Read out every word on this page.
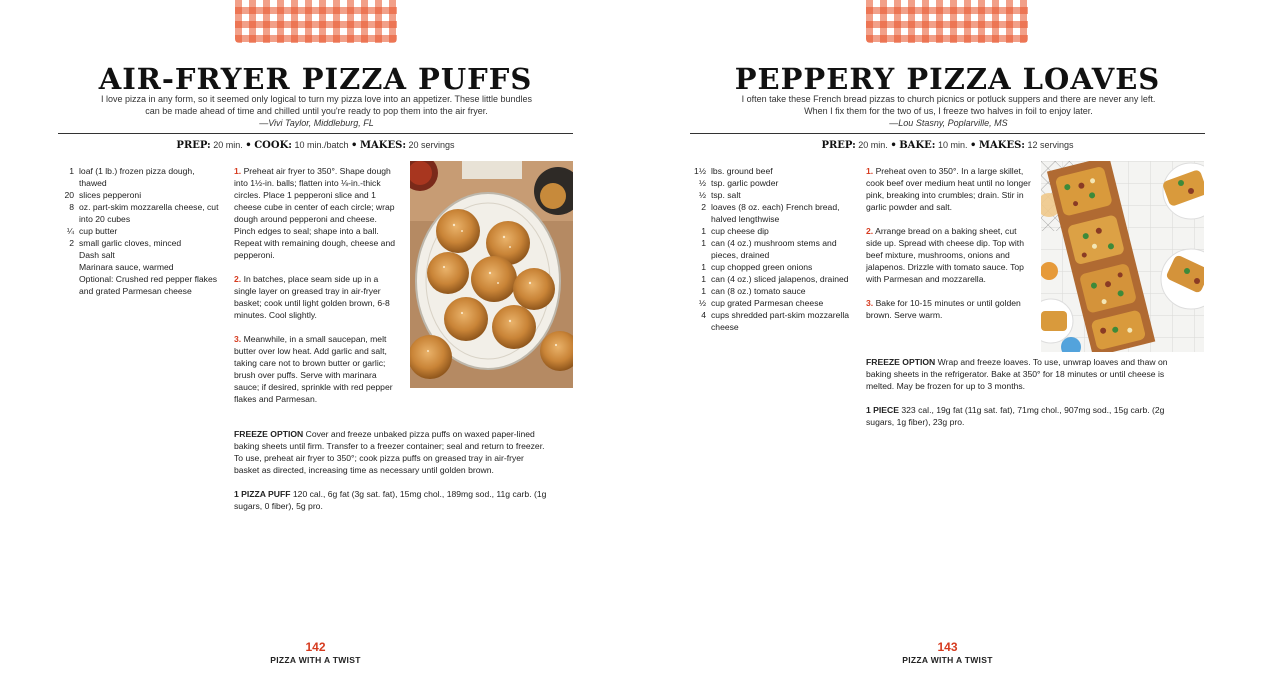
AIR-FRYER PIZZA PUFFS
I love pizza in any form, so it seemed only logical to turn my pizza love into an appetizer. These little bundles
can be made ahead of time and chilled until you're ready to pop them into the air fryer.
—Vivi Taylor, Middleburg, FL
PREP: 20 min. • COOK: 10 min./batch • MAKES: 20 servings
1 loaf (1 lb.) frozen pizza dough, thawed
20 slices pepperoni
8 oz. part-skim mozzarella cheese, cut into 20 cubes
¼ cup butter
2 small garlic cloves, minced
Dash salt
Marinara sauce, warmed
Optional: Crushed red pepper flakes and grated Parmesan cheese

1. Preheat air fryer to 350°. Shape dough into 1½-in. balls; flatten into ⅛-in.-thick circles. Place 1 pepperoni slice and 1 cheese cube in center of each circle; wrap dough around pepperoni and cheese. Pinch edges to seal; shape into a ball. Repeat with remaining dough, cheese and pepperoni.

2. In batches, place seam side up in a single layer on greased tray in air-fryer basket; cook until light golden brown, 6-8 minutes. Cool slightly.

3. Meanwhile, in a small saucepan, melt butter over low heat. Add garlic and salt, taking care not to brown butter or garlic; brush over puffs. Serve with marinara sauce; if desired, sprinkle with red pepper flakes and Parmesan.

FREEZE OPTION Cover and freeze unbaked pizza puffs on waxed paper-lined baking sheets until firm. Transfer to a freezer container; seal and return to freezer. To use, preheat air fryer to 350°; cook pizza puffs on greased tray in air-fryer basket as directed, increasing time as necessary until golden brown.

1 PIZZA PUFF 120 cal., 6g fat (3g sat. fat), 15mg chol., 189mg sod., 11g carb. (1g sugars, 0 fiber), 5g pro.

142
PIZZA WITH A TWIST
PEPPERY PIZZA LOAVES
I often take these French bread pizzas to church picnics or potluck suppers and there are never any left.
When I fix them for the two of us, I freeze two halves in foil to enjoy later.
—Lou Stasny, Poplarville, MS
PREP: 20 min. • BAKE: 10 min. • MAKES: 12 servings
1½ lbs. ground beef
½ tsp. garlic powder
½ tsp. salt
2 loaves (8 oz. each) French bread, halved lengthwise
1 cup cheese dip
1 can (4 oz.) mushroom stems and pieces, drained
1 cup chopped green onions
1 can (4 oz.) sliced jalapenos, drained
1 can (8 oz.) tomato sauce
½ cup grated Parmesan cheese
4 cups shredded part-skim mozzarella cheese

1. Preheat oven to 350°. In a large skillet, cook beef over medium heat until no longer pink, breaking into crumbles; drain. Stir in garlic powder and salt.

2. Arrange bread on a baking sheet, cut side up. Spread with cheese dip. Top with beef mixture, mushrooms, onions and jalapenos. Drizzle with tomato sauce. Top with Parmesan and mozzarella.

3. Bake for 10-15 minutes or until golden brown. Serve warm.

FREEZE OPTION Wrap and freeze loaves. To use, unwrap loaves and thaw on baking sheets in the refrigerator. Bake at 350° for 18 minutes or until cheese is melted. May be frozen for up to 3 months.

1 PIECE 323 cal., 19g fat (11g sat. fat), 71mg chol., 907mg sod., 15g carb. (2g sugars, 1g fiber), 23g pro.

143
PIZZA WITH A TWIST
